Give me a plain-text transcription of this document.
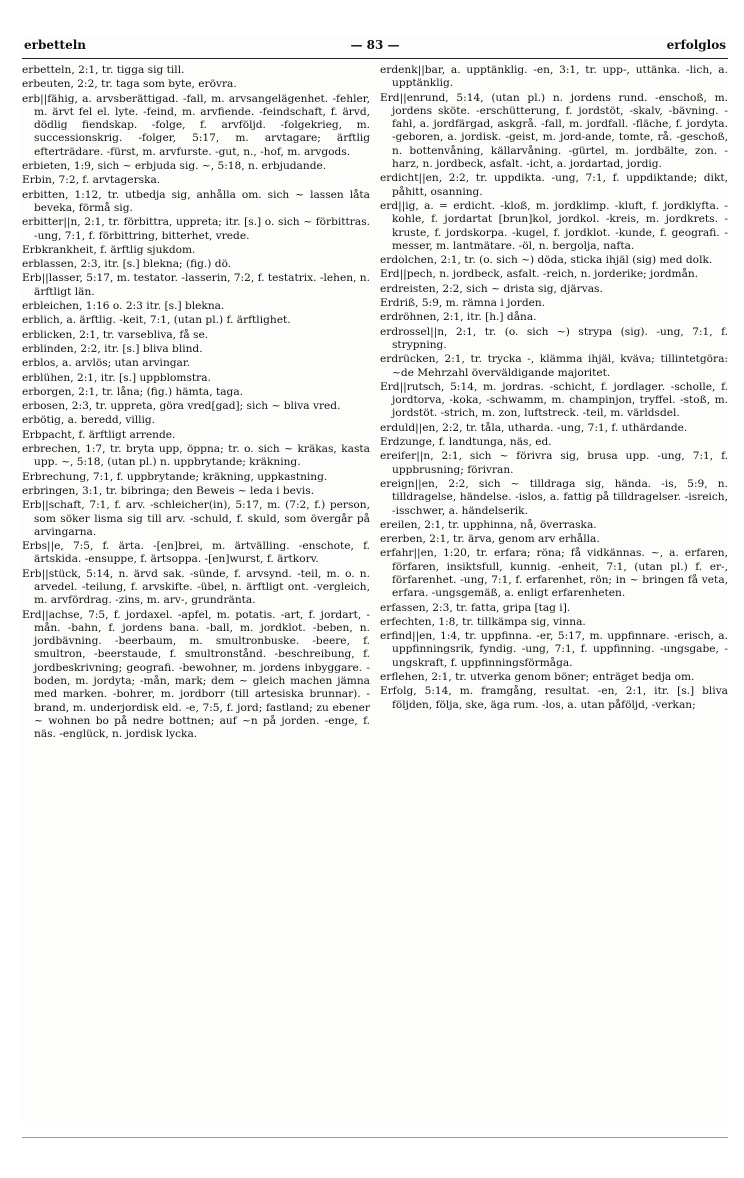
erbetteln	— 83 —	erfolglos

erbetteln, 2:1, tr. tigga sig till.

erbeuten, 2:2, tr. taga som byte, erövra.

erb||fähig, a. arvsberättigad. -fall, m. arvsangelägenhet. -fehler, m. ärvt fel el. lyte. -feind, m. arvfiende. -feindschaft, f. ärvd, dödlig fiendskap. -folge, f. arvföljd. -folgekrieg, m. successionskrig. -folger, 5:17, m. arvtagare; ärftlig efterträdare. -fürst, m. arvfurste. -gut, n., -hof, m. arvgods.

erbieten, 1:9, sich ~ erbjuda sig. ~, 5:18, n. erbjudande.

Erbin, 7:2, f. arvtagerska.

erbitten, 1:12, tr. utbedja sig, anhålla om. sich ~ lassen låta beveka, förmå sig.

erbitter||n, 2:1, tr. förbittra, uppreta; itr. [s.] o. sich ~ förbittras. -ung, 7:1, f. förbittring, bitterhet, vrede.

Erbkrankheit, f. ärftlig sjukdom.

erblassen, 2:3, itr. [s.] blekna; (fig.) dö.

Erb||lasser, 5:17, m. testator. -lasserin, 7:2, f. testatrix. -lehen, n. ärftligt län.

erbleichen, 1:16 o. 2:3 itr. [s.] blekna.

erblich, a. ärftlig. -keit, 7:1, (utan pl.) f. ärftlighet.

erblicken, 2:1, tr. varsebliva, få se.

erblinden, 2:2, itr. [s.] bliva blind.

erblos, a. arvlös; utan arvingar.

erblühen, 2:1, itr. [s.] uppblomstra.

erborgen, 2:1, tr. låna; (fig.) hämta, taga.

erbosen, 2:3, tr. uppreta, göra vred[gad]; sich ~ bliva vred.

erbötig, a. beredd, villig.

Erbpacht, f. ärftligt arrende.

erbrechen, 1:7, tr. bryta upp, öppna; tr. o. sich ~ kräkas, kasta upp. ~, 5:18, (utan pl.) n. uppbrytande; kräkning.

Erbrechung, 7:1, f. uppbrytande; kräkning, uppkastning.

erbringen, 3:1, tr. bibringa; den Beweis ~ leda i bevis.

Erb||schaft, 7:1, f. arv. -schleicher(in), 5:17, m. (7:2, f.) person, som söker lismа sig till arv. -schuld, f. skuld, som övergår på arvingarna.

Erbs||e, 7:5, f. ärta. -[en]brei, m. ärtvälling. -enschote, f. ärtskida. -ensuppe, f. ärtsoppa. -[en]wurst, f. ärtkorv.

Erb||stück, 5:14, n. ärvd sak. -sünde, f. arvsynd. -teil, m. o. n. arvedel. -teilung, f. arvskifte. -übel, n. ärftligt ont. -vergleich, m. arvfördrag. -zins, m. arv-, grundränta.

Erd||achse, 7:5, f. jordaxel. -apfel, m. potatis. -art, f. jordart, -mån. -bahn, f. jordens bana. -ball, m. jordklot. -beben, n. jordbävning. -beerbaum, m. smultronbuske. -beere, f. smultron, -beerstaude, f. smultronstånd. -beschreibung, f. jordbeskrivning; geografi. -bewohner, m. jordens inbyggare. -boden, m. jordyta; -mån, mark; dem ~ gleich machen jämna med marken. -bohrer, m. jordborr (till artesiska brunnar). -brand, m. underjordisk eld. -e, 7:5, f. jord; fastland; zu ebener ~ wohnen bo på nedre bottnen; auf ~n på jorden. -enge, f. näs. -englück, n. jordisk lycka.

erdenk||bar, a. upptänklig. -en, 3:1, tr. upp-, uttänka. -lich, a. upptänklig.

Erd||enrund, 5:14, (utan pl.) n. jordens rund. -enschoß, m. jordens sköte. -erschütterung, f. jordstöt, -skalv, -bävning. -fahl, a. jordfärgad, askgrå. -fall, m. jordfall. -fläche, f. jordyta. -geboren, a. jordisk. -geist, m. jord-ande, tomte, rå. -geschoß, n. bottenvåning, källarvåning. -gürtel, m. jordbälte, zon. -harz, n. jordbeck, asfalt. -icht, a. jordartad, jordig.

erdicht||en, 2:2, tr. uppdikta. -ung, 7:1, f. uppdiktande; dikt, påhitt, osanning.

erd||ig, a. = erdicht. -kloß, m. jordklimp. -kluft, f. jordklyfta. -kohle, f. jordartat [brun]kol, jordkol. -kreis, m. jordkrets. -kruste, f. jordskorpa. -kugel, f. jordklot. -kunde, f. geografi. -messer, m. lantmätare. -öl, n. bergolja, nafta.

erdolchen, 2:1, tr. (o. sich ~) döda, sticka ihjäl (sig) med dolk.

Erd||pech, n. jordbeck, asfalt. -reich, n. jorderike; jordmån.

erdreisten, 2:2, sich ~ drista sig, djärvas.

Erdriß, 5:9, m. rämna i jorden.

erdröhnen, 2:1, itr. [h.] dåna.

erdrossel||n, 2:1, tr. (o. sich ~) strypa (sig). -ung, 7:1, f. strypning.

erdrücken, 2:1, tr. trycka -, klämma ihjäl, kväva; tillintetgöra: ~de Mehrzahl överväldigande majoritet.

Erd||rutsch, 5:14, m. jordras. -schicht, f. jordlager. -scholle, f. jordtorva, -koka, -schwamm, m. champinjon, tryffel. -stoß, m. jordstöt. -strich, m. zon, luftstreck. -teil, m. världsdel.

erduld||en, 2:2, tr. tåla, utharda. -ung, 7:1, f. uthärdande.

Erdzunge, f. landtunga, näs, ed.

ereifer||n, 2:1, sich ~ förivra sig, brusa upp. -ung, 7:1, f. uppbrusning; förivran.

ereign||en, 2:2, sich ~ tilldraga sig, hända. -is, 5:9, n. tilldragelse, händelse. -islos, a. fattig på tilldragelser. -isreich, -isschwer, a. händelserik.

ereilen, 2:1, tr. upphinna, nå, överraska.

ererben, 2:1, tr. ärva, genom arv erhålla.

erfahr||en, 1:20, tr. erfara; röna; få vidkännas. ~, a. erfaren, förfaren, insiktsfull, kunnig. -enheit, 7:1, (utan pl.) f. er-, förfarenhet. -ung, 7:1, f. erfarenhet, rön; in ~ bringen få veta, erfara. -ungsgemäß, a. enligt erfarenheten.

erfassen, 2:3, tr. fatta, gripa [tag i].

erfechten, 1:8, tr. tillkämpa sig, vinna.

erfind||en, 1:4, tr. uppfinna. -er, 5:17, m. uppfinnare. -erisch, a. uppfinningsrik, fyndig. -ung, 7:1, f. uppfinning. -ungsgabe, -ungskraft, f. uppfinningsförmåga.

erflehen, 2:1, tr. utverka genom böner; enträget bedja om.

Erfolg, 5:14, m. framgång, resultat. -en, 2:1, itr. [s.] bliva följden, följa, ske, äga rum. -los, a. utan påföljd, -verkan;
